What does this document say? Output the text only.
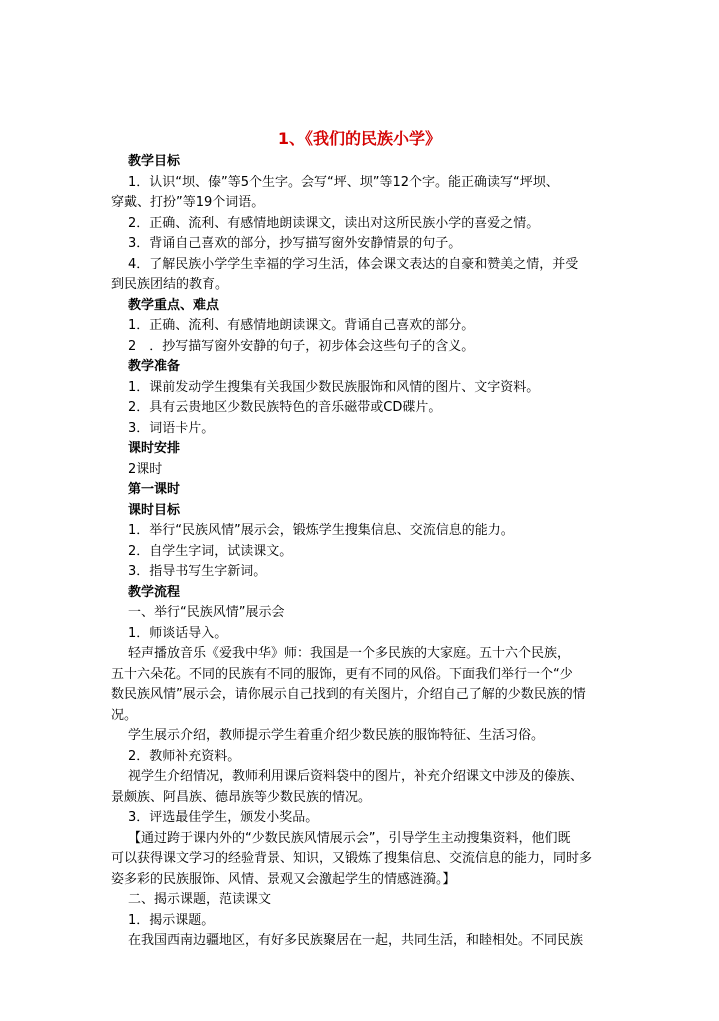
1、《我们的民族小学》
教学目标
1．认识“坝、傣”等5个生字。会写“坪、坝”等12个字。能正确读写“坪坝、
穿戴、打扮”等19个词语。
2．正确、流利、有感情地朗读课文，读出对这所民族小学的喜爱之情。
3．背诵自己喜欢的部分，抄写描写窗外安静情景的句子。
4．了解民族小学学生幸福的学习生活，体会课文表达的自豪和赞美之情，并受
到民族团结的教育。
教学重点、难点
1．正确、流利、有感情地朗读课文。背诵自己喜欢的部分。
2　．抄写描写窗外安静的句子，初步体会这些句子的含义。
教学准备
1．课前发动学生搜集有关我国少数民族服饰和风情的图片、文字资料。
2．具有云贵地区少数民族特色的音乐磁带或CD碟片。
3．词语卡片。
课时安排
2课时
第一课时
课时目标
1．举行“民族风情”展示会，锻炼学生搜集信息、交流信息的能力。
2．自学生字词，试读课文。
3．指导书写生字新词。
教学流程
一、举行“民族风情”展示会
1．师谈话导入。
轻声播放音乐《爱我中华》师：我国是一个多民族的大家庭。五十六个民族，
五十六朵花。不同的民族有不同的服饰，更有不同的风俗。下面我们举行一个“少
数民族风情”展示会，请你展示自己找到的有关图片，介绍自己了解的少数民族的情
况。
学生展示介绍，教师提示学生着重介绍少数民族的服饰特征、生活习俗。
2．教师补充资料。
视学生介绍情况，教师利用课后资料袋中的图片，补充介绍课文中涉及的傣族、
景颇族、阿昌族、德昂族等少数民族的情况。
3．评选最佳学生，颁发小奖品。
【通过跨于课内外的“少数民族风情展示会”，引导学生主动搜集资料，他们既
可以获得课文学习的经验背景、知识，又锻炼了搜集信息、交流信息的能力，同时多
姿多彩的民族服饰、风情、景观又会激起学生的情感涟漪。】
二、揭示课题，范读课文
1．揭示课题。
在我国西南边疆地区，有好多民族聚居在一起，共同生活，和睦相处。不同民族
